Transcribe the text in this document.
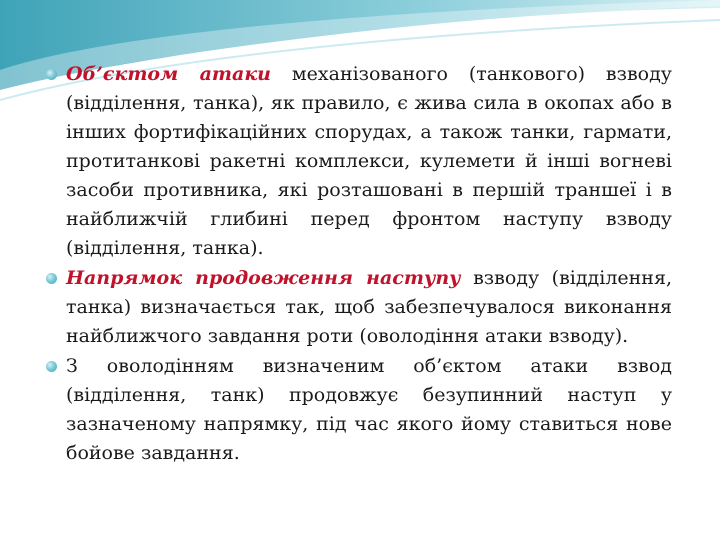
Об’єктом атаки механізованого (танкового) взводу (відділення, танка), як правило, є жива сила в окопах або в інших фортифікаційних спорудах, а також танки, гармати, протитанкові ракетні комплекси, кулемети й інші вогневі засоби противника, які розташовані в першій траншеї і в найближчій глибині перед фронтом наступу взводу (відділення, танка).

Напрямок продовження наступу взводу (відділення, танка) визначається так, щоб забезпечувалося виконання найближчого завдання роти (оволодіння атаки взводу).

З оволодінням визначеним об’єктом атаки взвод (відділення, танк) продовжує безупинний наступ у зазначеному напрямку, під час якого йому ставиться нове бойове завдання.
